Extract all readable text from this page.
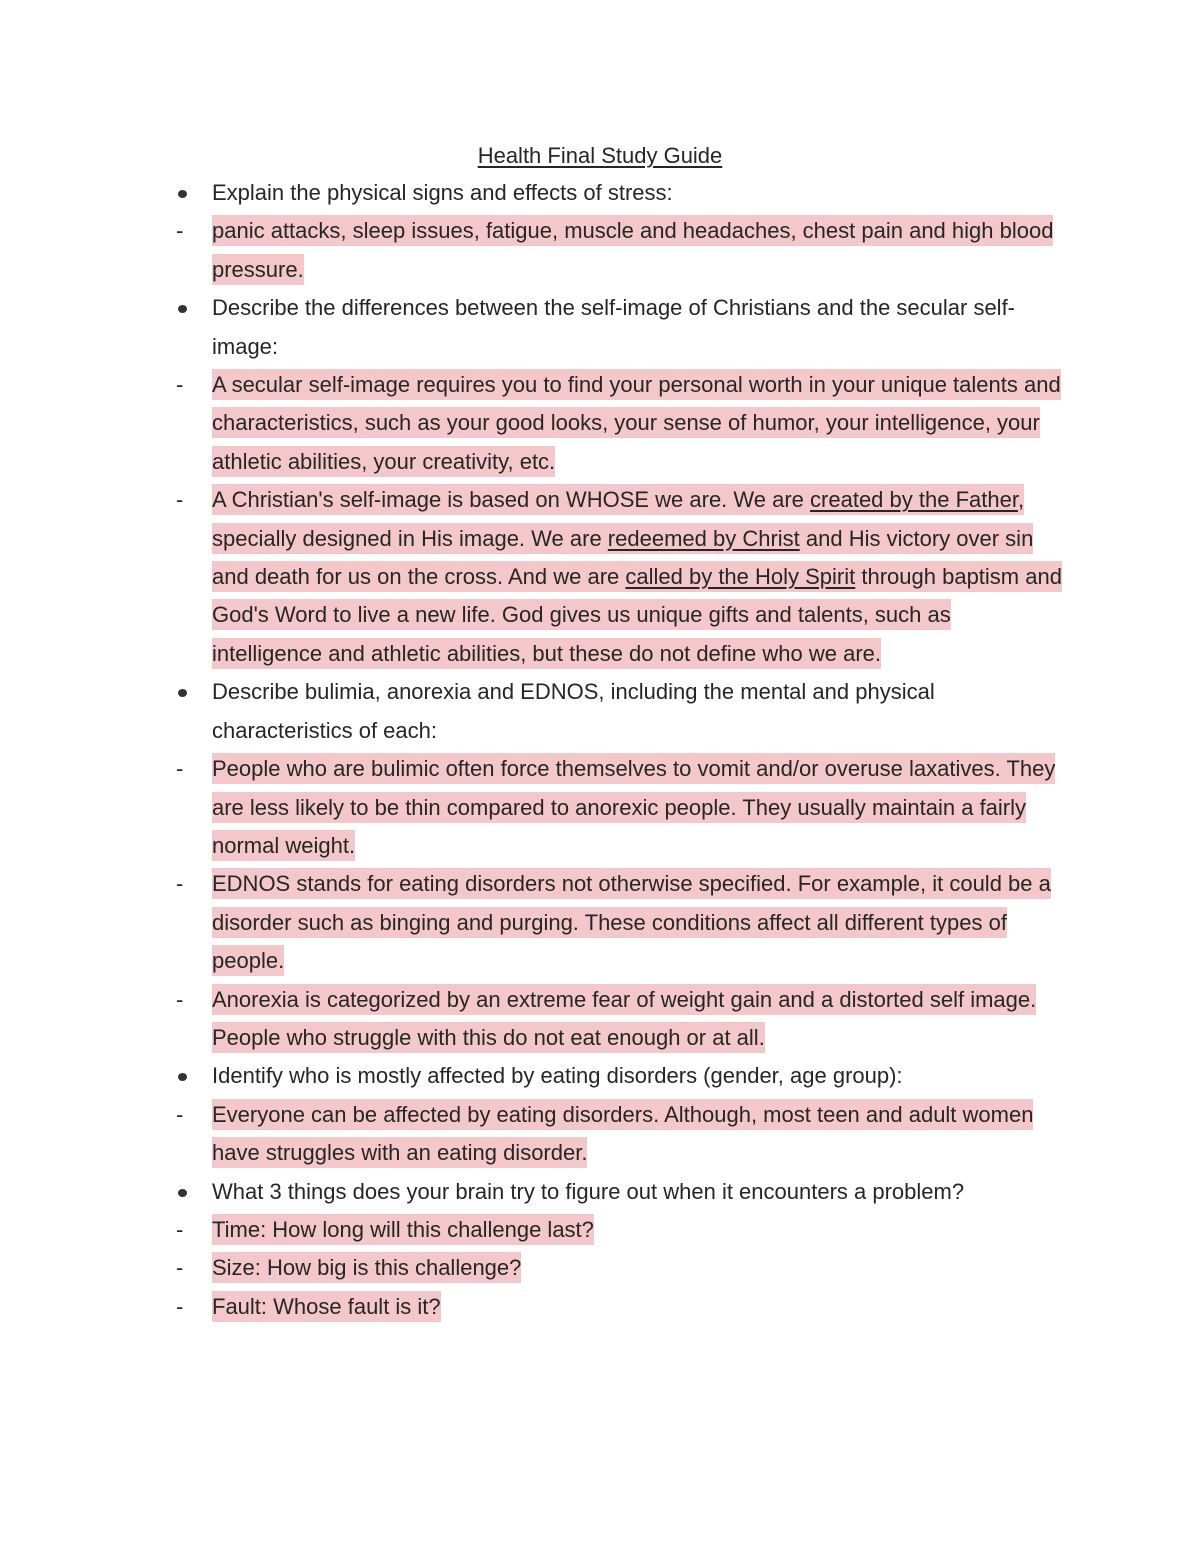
Health Final Study Guide
Explain the physical signs and effects of stress:
- panic attacks, sleep issues, fatigue, muscle and headaches, chest pain and high blood pressure.
Describe the differences between the self-image of Christians and the secular self-image:
- A secular self-image requires you to find your personal worth in your unique talents and characteristics, such as your good looks, your sense of humor, your intelligence, your athletic abilities, your creativity, etc.
- A Christian's self-image is based on WHOSE we are. We are created by the Father, specially designed in His image. We are redeemed by Christ and His victory over sin and death for us on the cross. And we are called by the Holy Spirit through baptism and God's Word to live a new life. God gives us unique gifts and talents, such as intelligence and athletic abilities, but these do not define who we are.
Describe bulimia, anorexia and EDNOS, including the mental and physical characteristics of each:
- People who are bulimic often force themselves to vomit and/or overuse laxatives. They are less likely to be thin compared to anorexic people. They usually maintain a fairly normal weight.
- EDNOS stands for eating disorders not otherwise specified. For example, it could be a disorder such as binging and purging. These conditions affect all different types of people.
- Anorexia is categorized by an extreme fear of weight gain and a distorted self image. People who struggle with this do not eat enough or at all.
Identify who is mostly affected by eating disorders (gender, age group):
- Everyone can be affected by eating disorders. Although, most teen and adult women have struggles with an eating disorder.
What 3 things does your brain try to figure out when it encounters a problem?
- Time: How long will this challenge last?
- Size: How big is this challenge?
- Fault: Whose fault is it?
